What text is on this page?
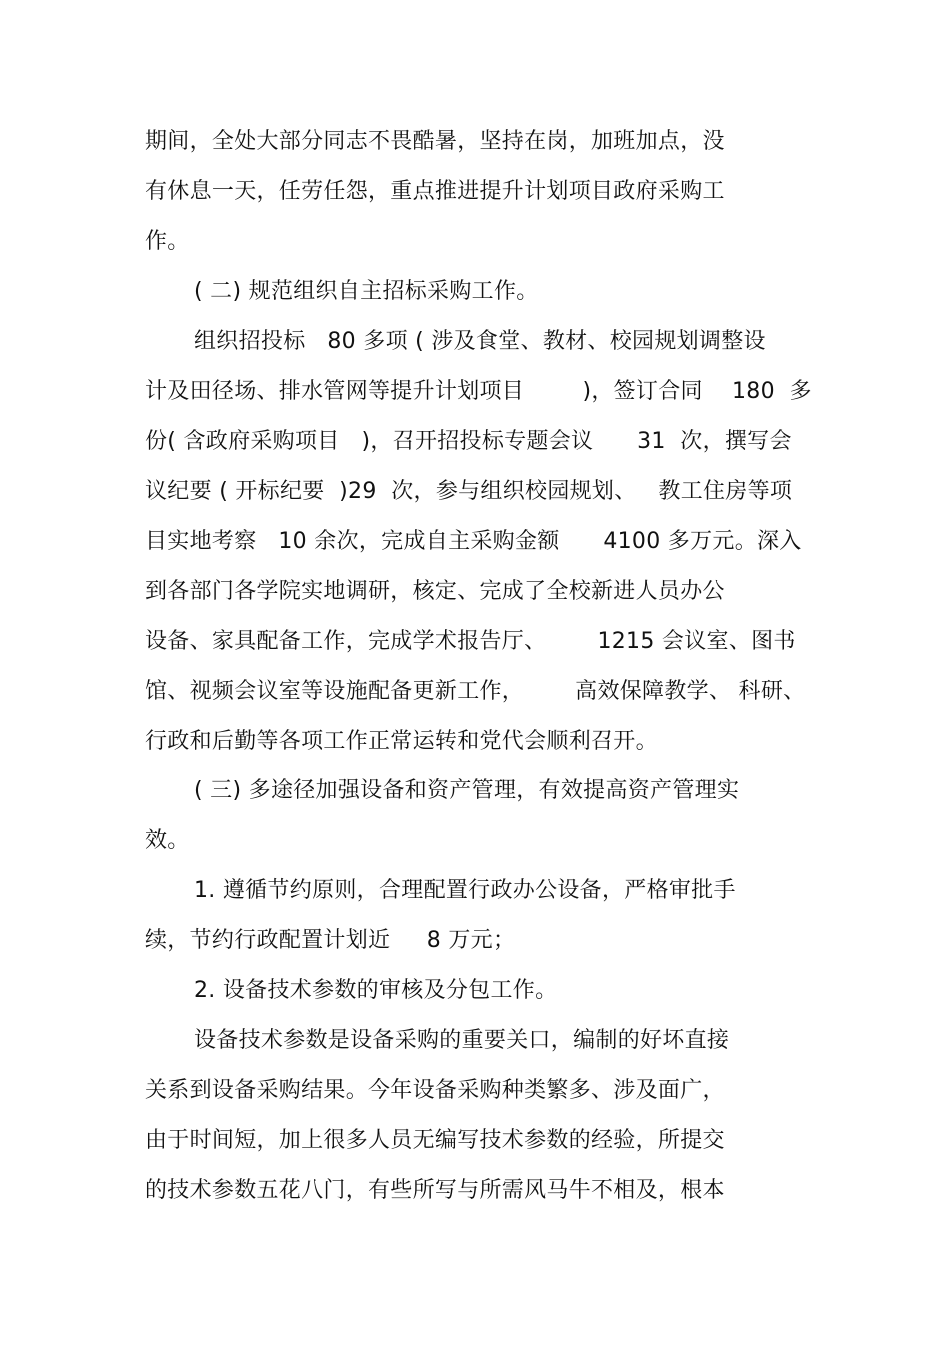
期间，全处大部分同志不畏酷暑，坚持在岗，加班加点，没
有休息一天，任劳任怨，重点推进提升计划项目政府采购工
作。
( 二) 规范组织自主招标采购工作。
组织招投标   80 多项 ( 涉及食堂、教材、校园规划调整设
计及田径场、排水管网等提升计划项目        )，签订合同    180  多
份( 含政府采购项目   )，召开招投标专题会议      31  次，撰写会
议纪要 ( 开标纪要  )29  次，参与组织校园规划、   教工住房等项
目实地考察   10 余次，完成自主采购金额      4100 多万元。深入
到各部门各学院实地调研，核定、完成了全校新进人员办公
设备、家具配备工作，完成学术报告厅、       1215 会议室、图书
馆、视频会议室等设施配备更新工作，       高效保障教学、 科研、
行政和后勤等各项工作正常运转和党代会顺利召开。
( 三) 多途径加强设备和资产管理，有效提高资产管理实
效。
1. 遵循节约原则，合理配置行政办公设备，严格审批手
续，节约行政配置计划近     8 万元；
2. 设备技术参数的审核及分包工作。
设备技术参数是设备采购的重要关口，编制的好坏直接
关系到设备采购结果。今年设备采购种类繁多、涉及面广，
由于时间短，加上很多人员无编写技术参数的经验，所提交
的技术参数五花八门，有些所写与所需风马牛不相及，根本
